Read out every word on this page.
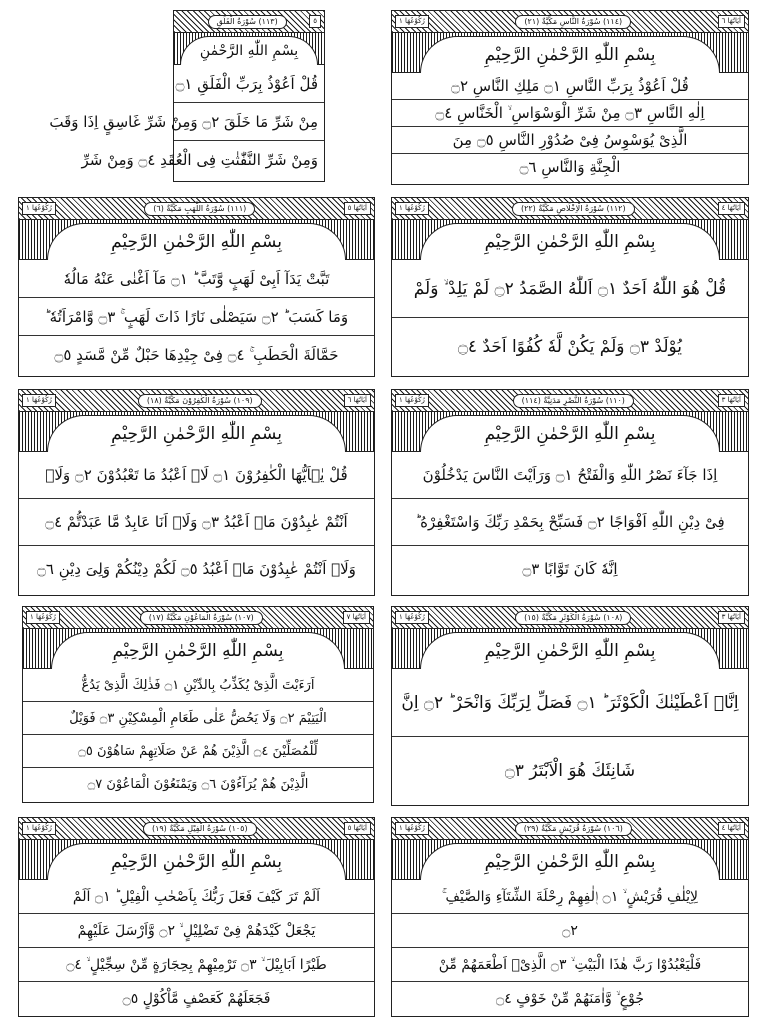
(١١٣) سُوْرَةُ الْفَلَقِ	٥
بِسْمِ اللّٰهِ الرَّحْمٰنِ
قُلْ اَعُوْذُ بِرَبِّ الْفَلَقِ ۝١
مِنْ شَرِّ مَا خَلَقَ ۝٢ وَمِنْ شَرِّ غَاسِقٍ اِذَا وَقَبَ
وَمِنْ شَرِّ النَّفّٰثٰتِ فِى الْعُقَدِ ۝٤ وَمِنْ شَرِّ
رُكُوْعُهَا ١	(١١٤) سُوْرَةُ النَّاسِ مَكِّيَّةٌ (٢١)	اٰيَاتُهَا ٦
بِسْمِ اللّٰهِ الرَّحْمٰنِ الرَّحِيْمِ
قُلْ اَعُوْذُ بِرَبِّ النَّاسِ ۝١ مَلِكِ النَّاسِ ۝٢
اِلٰهِ النَّاسِ ۝٣ مِنْ شَرِّ الْوَسْوَاسِ ۙ الْخَنَّاسِ ۝٤
الَّذِىْ يُوَسْوِسُ فِىْ صُدُوْرِ النَّاسِ ۝٥ مِنَ
الْجِنَّةِ وَالنَّاسِ ۝٦
رُكُوْعُهَا ١	(١١١) سُوْرَةُ اللَّهَبِ مَكِّيَّةٌ (٦)	اٰيَاتُهَا ٥
بِسْمِ اللّٰهِ الرَّحْمٰنِ الرَّحِيْمِ
تَبَّتْ يَدَآ اَبِىْ لَهَبٍ وَّتَبَّ ؕ ۝١ مَآ اَغْنٰى عَنْهُ مَالُهٗ
وَمَا كَسَبَ ؕ ۝٢ سَيَصْلٰى نَارًا ذَاتَ لَهَبٍ ۚ ۝٣ وَّامْرَاَتُهٗ ؕ
حَمَّالَةَ الْحَطَبِ ۚ ۝٤ فِىْ جِيْدِهَا حَبْلٌ مِّنْ مَّسَدٍ ۝٥
رُكُوْعُهَا ١	(١١٢) سُوْرَةُ الْاِخْلَاصِ مَكِّيَّةٌ (٢٢)	اٰيَاتُهَا ٤
بِسْمِ اللّٰهِ الرَّحْمٰنِ الرَّحِيْمِ
قُلْ هُوَ اللّٰهُ اَحَدٌ ۝١ اَللّٰهُ الصَّمَدُ ۝٢ لَمْ يَلِدْ ۙ وَلَمْ
يُوْلَدْ ۝٣ وَلَمْ يَكُنْ لَّهٗ كُفُوًا اَحَدٌ ۝٤
رُكُوْعُهَا ١	(١٠٩) سُوْرَةُ الْكٰفِرُوْنَ مَكِّيَّةٌ (١٨)	اٰيَاتُهَا ٦
بِسْمِ اللّٰهِ الرَّحْمٰنِ الرَّحِيْمِ
قُلْ يٰۤاَيُّهَا الْكٰفِرُوْنَ ۝١ لَاۤ اَعْبُدُ مَا تَعْبُدُوْنَ ۝٢ وَلَاۤ
اَنْتُمْ عٰبِدُوْنَ مَاۤ اَعْبُدُ ۝٣ وَلَاۤ اَنَا عَابِدٌ مَّا عَبَدْتُّمْ ۝٤
وَلَاۤ اَنْتُمْ عٰبِدُوْنَ مَاۤ اَعْبُدُ ۝٥ لَكُمْ دِيْنُكُمْ وَلِىَ دِيْنِ ۝٦
رُكُوْعُهَا ١	(١١٠) سُوْرَةُ النَّصْرِ مَدَنِيَّةٌ (١١٤)	اٰيَاتُهَا ٣
بِسْمِ اللّٰهِ الرَّحْمٰنِ الرَّحِيْمِ
اِذَا جَآءَ نَصْرُ اللّٰهِ وَالْفَتْحُ ۝١ وَرَاَيْتَ النَّاسَ يَدْخُلُوْنَ
فِىْ دِيْنِ اللّٰهِ اَفْوَاجًا ۝٢ فَسَبِّحْ بِحَمْدِ رَبِّكَ وَاسْتَغْفِرْهُ ؕ
اِنَّهٗ كَانَ تَوَّابًا ۝٣
رُكُوْعُهَا ١	(١٠٧) سُوْرَةُ الْمَاعُوْنِ مَكِّيَّةٌ (١٧)	اٰيَاتُهَا ٧
بِسْمِ اللّٰهِ الرَّحْمٰنِ الرَّحِيْمِ
اَرَءَيْتَ الَّذِىْ يُكَذِّبُ بِالدِّيْنِ ۝١ فَذٰلِكَ الَّذِىْ يَدُعُّ
الْيَتِيْمَ ۝٢ وَلَا يَحُضُّ عَلٰى طَعَامِ الْمِسْكِيْنِ ۝٣ فَوَيْلٌ
لِّلْمُصَلِّيْنَ ۝٤ الَّذِيْنَ هُمْ عَنْ صَلَاتِهِمْ سَاهُوْنَ ۝٥
الَّذِيْنَ هُمْ يُرَآءُوْنَ ۝٦ وَيَمْنَعُوْنَ الْمَاعُوْنَ ۝٧
رُكُوْعُهَا ١	(١٠٨) سُوْرَةُ الْكَوْثَرِ مَكِّيَّةٌ (١٥)	اٰيَاتُهَا ٣
بِسْمِ اللّٰهِ الرَّحْمٰنِ الرَّحِيْمِ
اِنَّاۤ اَعْطَيْنٰكَ الْكَوْثَرَ ؕ ۝١ فَصَلِّ لِرَبِّكَ وَانْحَرْ ؕ ۝٢ اِنَّ
شَانِئَكَ هُوَ الْاَبْتَرُ ۝٣
رُكُوْعُهَا ١	(١٠٥) سُوْرَةُ الْفِيْلِ مَكِّيَّةٌ (١٩)	اٰيَاتُهَا ٥
بِسْمِ اللّٰهِ الرَّحْمٰنِ الرَّحِيْمِ
اَلَمْ تَرَ كَيْفَ فَعَلَ رَبُّكَ بِاَصْحٰبِ الْفِيْلِ ؕ ۝١ اَلَمْ
يَجْعَلْ كَيْدَهُمْ فِىْ تَضْلِيْلٍ ۙ ۝٢ وَّاَرْسَلَ عَلَيْهِمْ
طَيْرًا اَبَابِيْلَ ۙ ۝٣ تَرْمِيْهِمْ بِحِجَارَةٍ مِّنْ سِجِّيْلٍ ۙ ۝٤
فَجَعَلَهُمْ كَعَصْفٍ مَّاْكُوْلٍ ۝٥
رُكُوْعُهَا ١	(١٠٦) سُوْرَةُ قُرَيْشٍ مَكِّيَّةٌ (٢٩)	اٰيَاتُهَا ٤
بِسْمِ اللّٰهِ الرَّحْمٰنِ الرَّحِيْمِ
لِاِيْلٰفِ قُرَيْشٍ ۙ ۝١ اٖلٰفِهِمْ رِحْلَةَ الشِّتَآءِ وَالصَّيْفِ ۚ
۝٢
فَلْيَعْبُدُوْا رَبَّ هٰذَا الْبَيْتِ ۙ ۝٣ الَّذِىْۤ اَطْعَمَهُمْ مِّنْ
جُوْعٍ ۙ وَّاٰمَنَهُمْ مِّنْ خَوْفٍ ۝٤
